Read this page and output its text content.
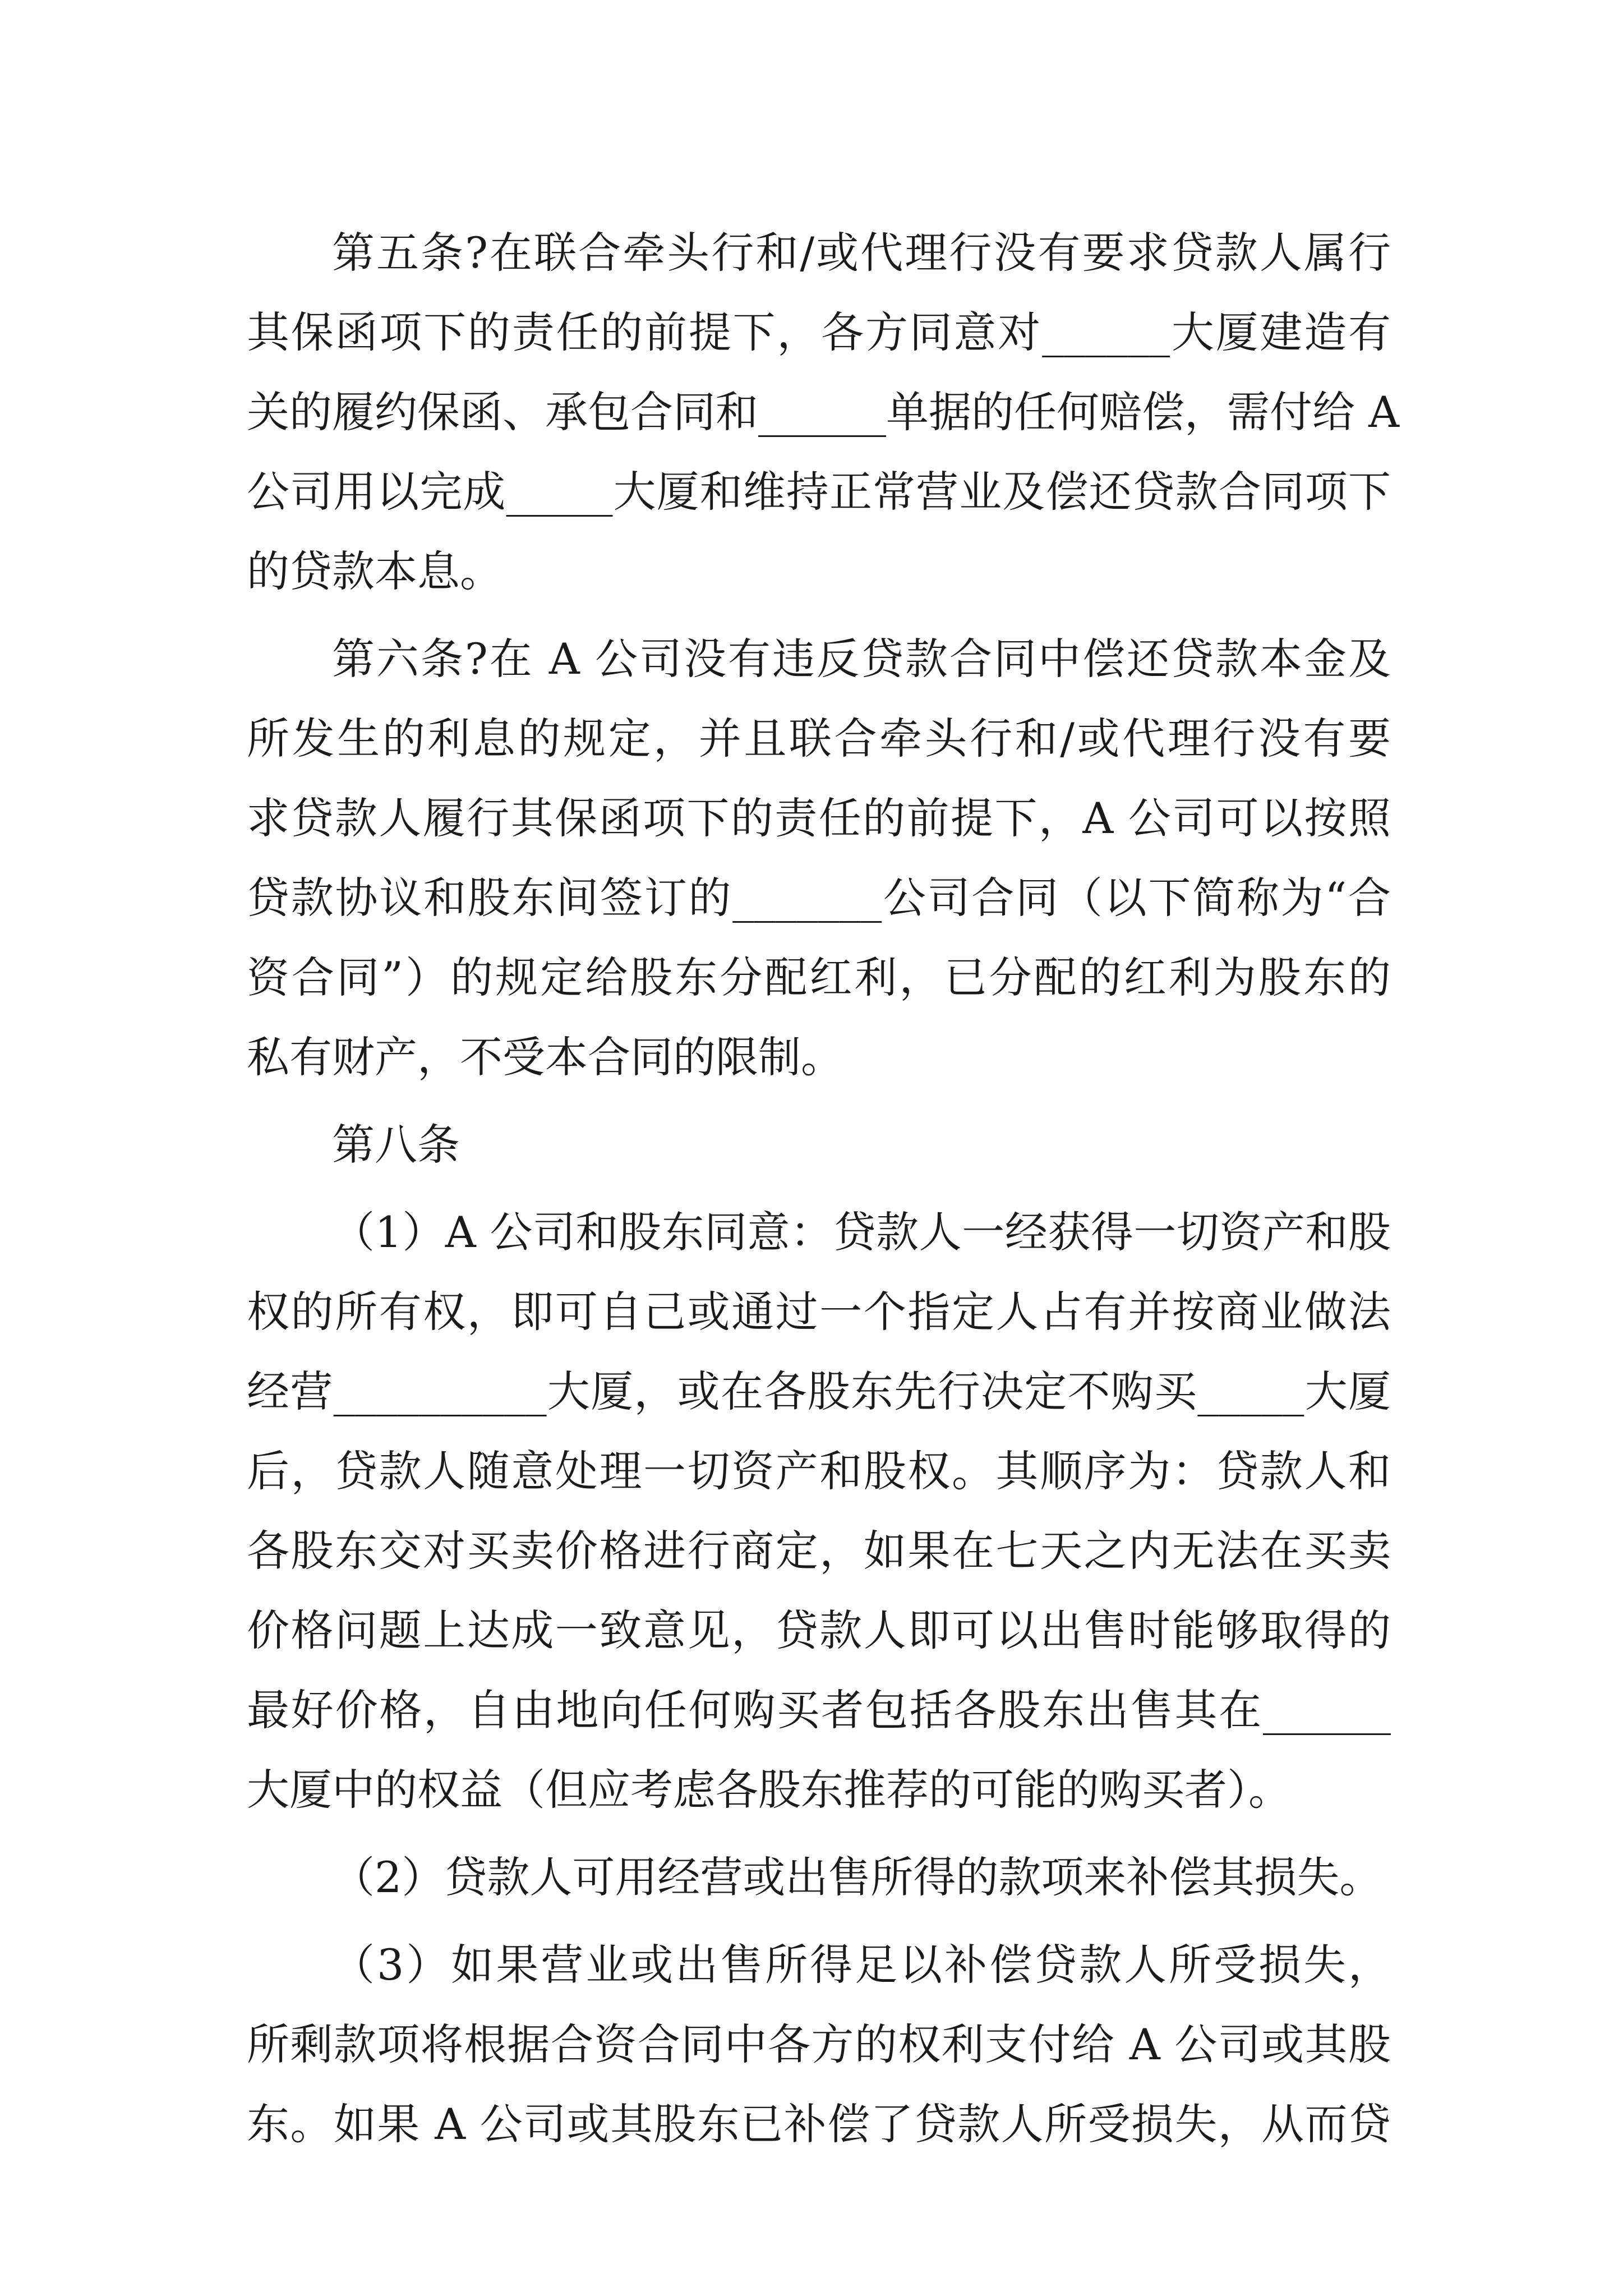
第五条?在联合牵头行和/或代理行没有要求贷款人属行
其保函项下的责任的前提下，各方同意对______大厦建造有
关的履约保函、承包合同和______单据的任何赔偿，需付给 A
公司用以完成_____大厦和维持正常营业及偿还贷款合同项下
的贷款本息。
第六条?在 A 公司没有违反贷款合同中偿还贷款本金及
所发生的利息的规定，并且联合牵头行和/或代理行没有要
求贷款人履行其保函项下的责任的前提下，A 公司可以按照
贷款协议和股东间签订的_______公司合同（以下简称为“合
资合同”）的规定给股东分配红利，已分配的红利为股东的
私有财产，不受本合同的限制。
第八条
（1）A 公司和股东同意：贷款人一经获得一切资产和股
权的所有权，即可自己或通过一个指定人占有并按商业做法
经营__________大厦，或在各股东先行决定不购买_____大厦
后，贷款人随意处理一切资产和股权。其顺序为：贷款人和
各股东交对买卖价格进行商定，如果在七天之内无法在买卖
价格问题上达成一致意见，贷款人即可以出售时能够取得的
最好价格，自由地向任何购买者包括各股东出售其在______
大厦中的权益（但应考虑各股东推荐的可能的购买者）。
（2）贷款人可用经营或出售所得的款项来补偿其损失。
（3）如果营业或出售所得足以补偿贷款人所受损失，
所剩款项将根据合资合同中各方的权利支付给 A 公司或其股
东。如果 A 公司或其股东已补偿了贷款人所受损失，从而贷
